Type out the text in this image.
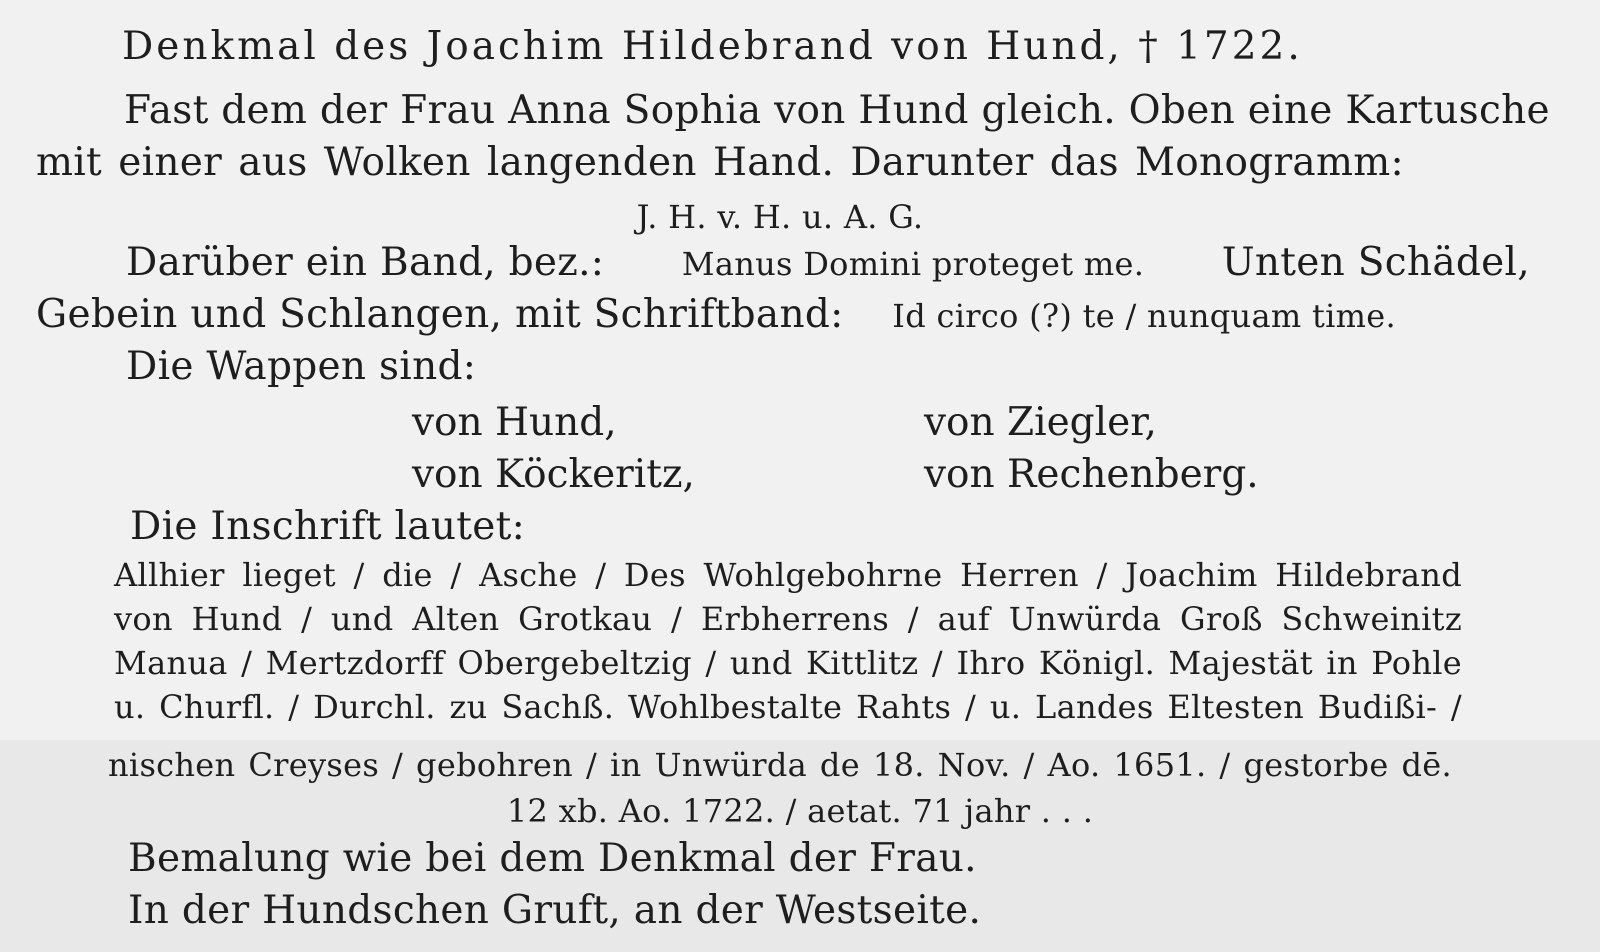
Denkmal des Joachim Hildebrand von Hund, † 1722.
Fast dem der Frau Anna Sophia von Hund gleich. Oben eine Kartusche
mit einer aus Wolken langenden Hand. Darunter das Monogramm:
J. H. v. H. u. A. G.
Darüber ein Band, bez.: Manus Domini proteget me. Unten Schädel,
Gebein und Schlangen, mit Schriftband: Id circo (?) te / nunquam time.
Die Wappen sind:
von Hund,	von Ziegler,
von Köckeritz,	von Rechenberg.
Die Inschrift lautet:
Allhier lieget / die / Asche / Des Wohlgebohrne Herren / Joachim Hildebrand
von Hund / und Alten Grotkau / Erbherrens / auf Unwürda Groß Schweinitz
Manua / Mertzdorff Obergebeltzig / und Kittlitz / Ihro Königl. Majestät in Pohle
u. Churfl. / Durchl. zu Sachß. Wohlbestalte Rahts / u. Landes Eltesten Budißi- /
nischen Creyses / gebohren / in Unwürda de 18. Nov. / Ao. 1651. / gestorbe dē.
12 xb. Ao. 1722. / aetat. 71 jahr . . .
Bemalung wie bei dem Denkmal der Frau.
In der Hundschen Gruft, an der Westseite.
